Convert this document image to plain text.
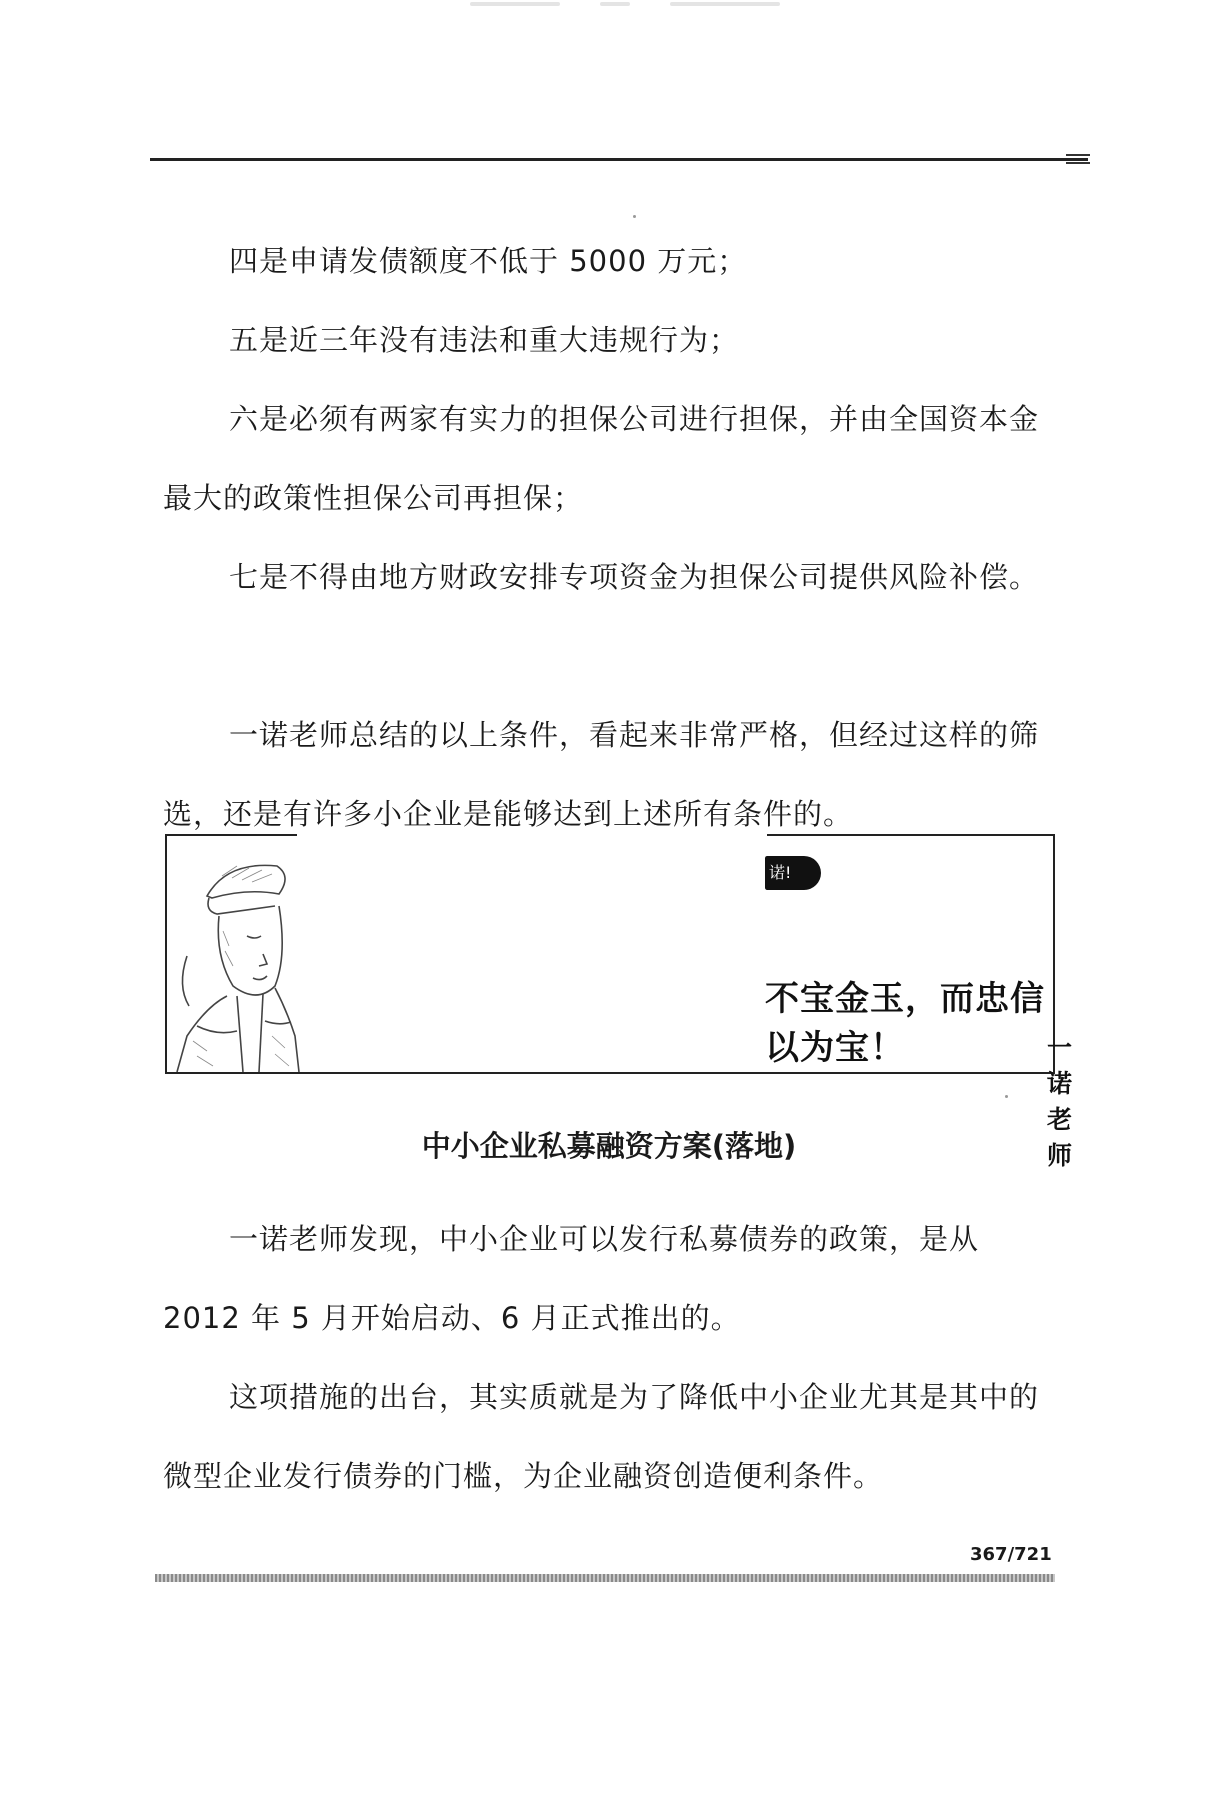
四是申请发债额度不低于 5000 万元；

五是近三年没有违法和重大违规行为；

六是必须有两家有实力的担保公司进行担保，并由全国资本金最大的政策性担保公司再担保；

七是不得由地方财政安排专项资金为担保公司提供风险补偿。

一诺老师总结的以上条件，看起来非常严格，但经过这样的筛选，还是有许多小企业是能够达到上述所有条件的。

诺!
不宝金玉，而忠信以为宝！	一诺老师
中小企业私募融资方案(落地)

一诺老师发现，中小企业可以发行私募债券的政策，是从 2012 年 5 月开始启动、6 月正式推出的。

这项措施的出台，其实质就是为了降低中小企业尤其是其中的微型企业发行债券的门槛，为企业融资创造便利条件。

367/721
